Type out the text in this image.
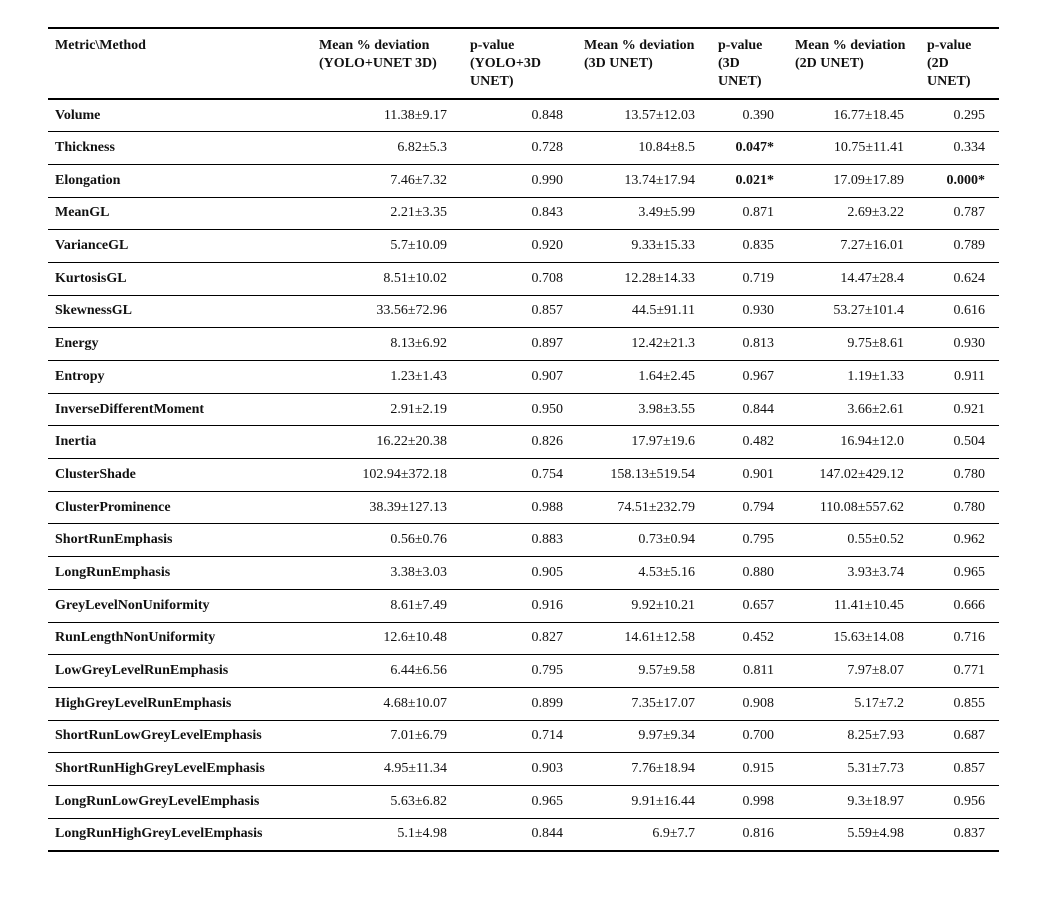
Metric\Method	Mean % deviation (YOLO+UNET 3D)	p-value (YOLO+3D UNET)	Mean % deviation (3D UNET)	p-value (3D UNET)	Mean % deviation (2D UNET)	p-value (2D UNET)
Volume	11.38±9.17	0.848	13.57±12.03	0.390	16.77±18.45	0.295
Thickness	6.82±5.3	0.728	10.84±8.5	0.047*	10.75±11.41	0.334
Elongation	7.46±7.32	0.990	13.74±17.94	0.021*	17.09±17.89	0.000*
MeanGL	2.21±3.35	0.843	3.49±5.99	0.871	2.69±3.22	0.787
VarianceGL	5.7±10.09	0.920	9.33±15.33	0.835	7.27±16.01	0.789
KurtosisGL	8.51±10.02	0.708	12.28±14.33	0.719	14.47±28.4	0.624
SkewnessGL	33.56±72.96	0.857	44.5±91.11	0.930	53.27±101.4	0.616
Energy	8.13±6.92	0.897	12.42±21.3	0.813	9.75±8.61	0.930
Entropy	1.23±1.43	0.907	1.64±2.45	0.967	1.19±1.33	0.911
InverseDifferentMoment	2.91±2.19	0.950	3.98±3.55	0.844	3.66±2.61	0.921
Inertia	16.22±20.38	0.826	17.97±19.6	0.482	16.94±12.0	0.504
ClusterShade	102.94±372.18	0.754	158.13±519.54	0.901	147.02±429.12	0.780
ClusterProminence	38.39±127.13	0.988	74.51±232.79	0.794	110.08±557.62	0.780
ShortRunEmphasis	0.56±0.76	0.883	0.73±0.94	0.795	0.55±0.52	0.962
LongRunEmphasis	3.38±3.03	0.905	4.53±5.16	0.880	3.93±3.74	0.965
GreyLevelNonUniformity	8.61±7.49	0.916	9.92±10.21	0.657	11.41±10.45	0.666
RunLengthNonUniformity	12.6±10.48	0.827	14.61±12.58	0.452	15.63±14.08	0.716
LowGreyLevelRunEmphasis	6.44±6.56	0.795	9.57±9.58	0.811	7.97±8.07	0.771
HighGreyLevelRunEmphasis	4.68±10.07	0.899	7.35±17.07	0.908	5.17±7.2	0.855
ShortRunLowGreyLevelEmphasis	7.01±6.79	0.714	9.97±9.34	0.700	8.25±7.93	0.687
ShortRunHighGreyLevelEmphasis	4.95±11.34	0.903	7.76±18.94	0.915	5.31±7.73	0.857
LongRunLowGreyLevelEmphasis	5.63±6.82	0.965	9.91±16.44	0.998	9.3±18.97	0.956
LongRunHighGreyLevelEmphasis	5.1±4.98	0.844	6.9±7.7	0.816	5.59±4.98	0.837
